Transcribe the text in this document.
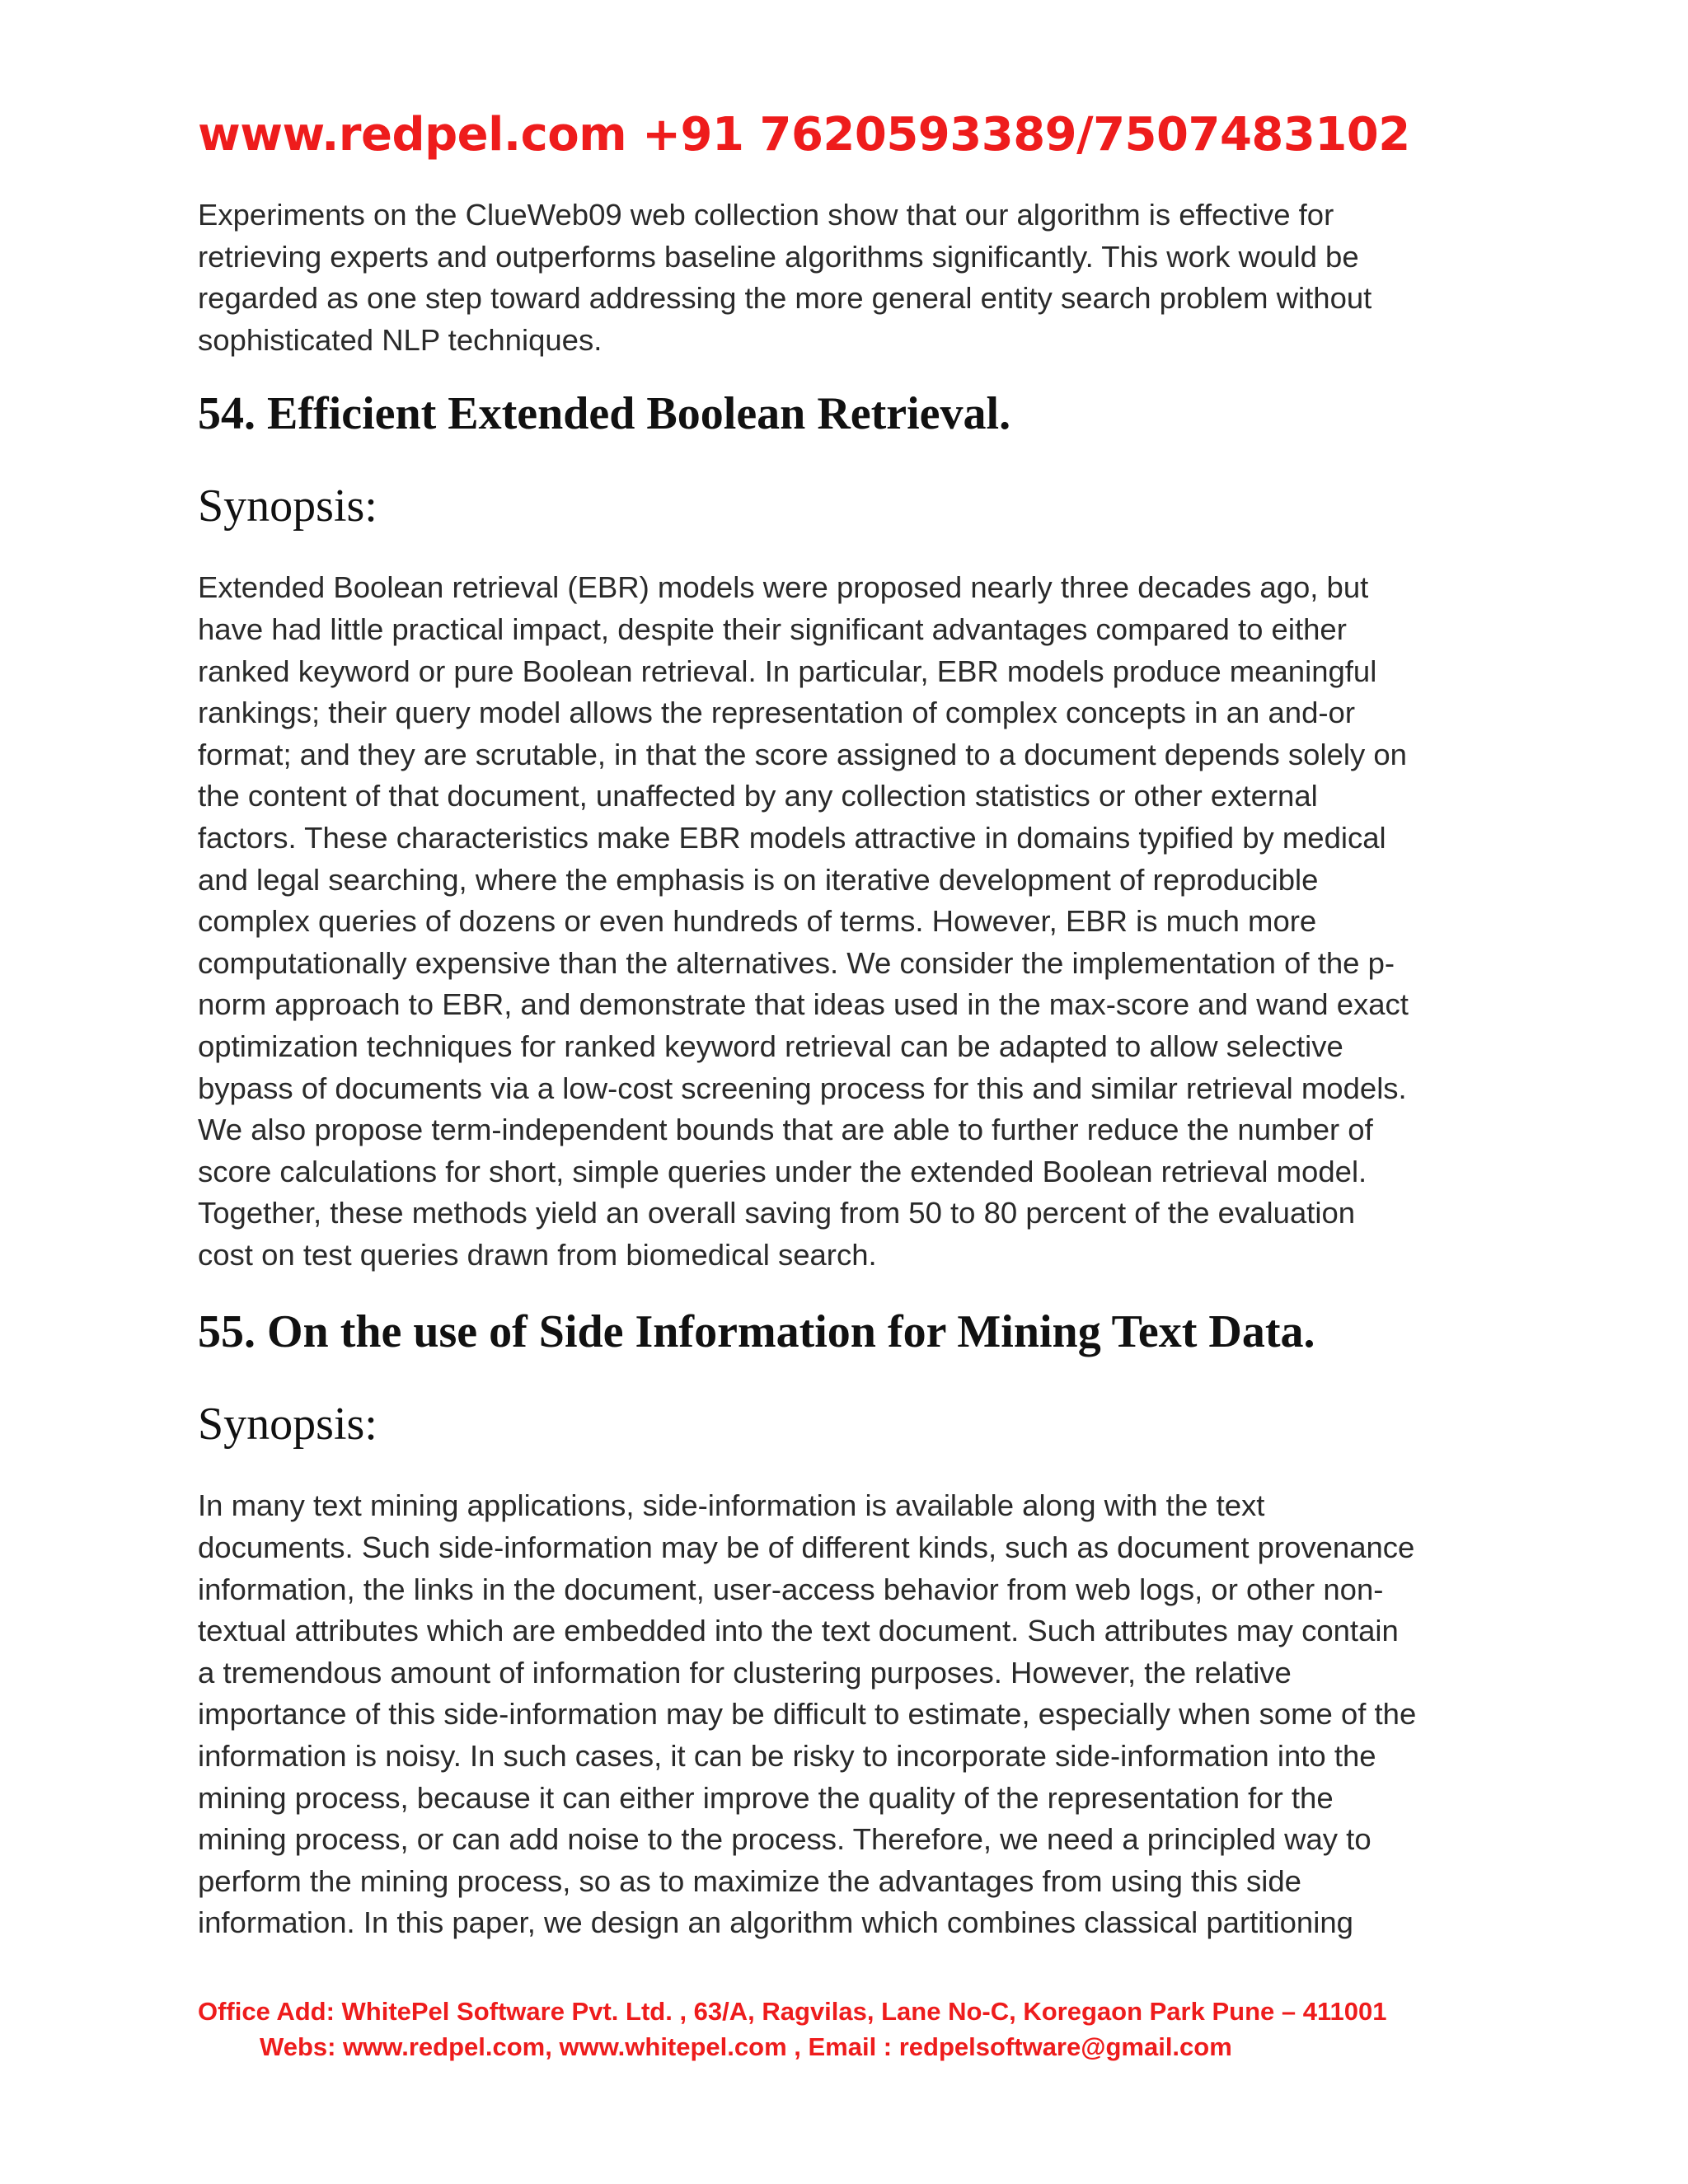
www.redpel.com +91 7620593389/7507483102
Experiments on the ClueWeb09 web collection show that our algorithm is effective for
retrieving experts and outperforms baseline algorithms significantly. This work would be
regarded as one step toward addressing the more general entity search problem without
sophisticated NLP techniques.
54. Efficient Extended Boolean Retrieval.
Synopsis:
Extended Boolean retrieval (EBR) models were proposed nearly three decades ago, but
have had little practical impact, despite their significant advantages compared to either
ranked keyword or pure Boolean retrieval. In particular, EBR models produce meaningful
rankings; their query model allows the representation of complex concepts in an and-or
format; and they are scrutable, in that the score assigned to a document depends solely on
the content of that document, unaffected by any collection statistics or other external
factors. These characteristics make EBR models attractive in domains typified by medical
and legal searching, where the emphasis is on iterative development of reproducible
complex queries of dozens or even hundreds of terms. However, EBR is much more
computationally expensive than the alternatives. We consider the implementation of the p-
norm approach to EBR, and demonstrate that ideas used in the max-score and wand exact
optimization techniques for ranked keyword retrieval can be adapted to allow selective
bypass of documents via a low-cost screening process for this and similar retrieval models.
We also propose term-independent bounds that are able to further reduce the number of
score calculations for short, simple queries under the extended Boolean retrieval model.
Together, these methods yield an overall saving from 50 to 80 percent of the evaluation
cost on test queries drawn from biomedical search.
55. On the use of Side Information for Mining Text Data.
Synopsis:
In many text mining applications, side-information is available along with the text
documents. Such side-information may be of different kinds, such as document provenance
information, the links in the document, user-access behavior from web logs, or other non-
textual attributes which are embedded into the text document. Such attributes may contain
a tremendous amount of information for clustering purposes. However, the relative
importance of this side-information may be difficult to estimate, especially when some of the
information is noisy. In such cases, it can be risky to incorporate side-information into the
mining process, because it can either improve the quality of the representation for the
mining process, or can add noise to the process. Therefore, we need a principled way to
perform the mining process, so as to maximize the advantages from using this side
information. In this paper, we design an algorithm which combines classical partitioning
Office Add: WhitePel Software Pvt. Ltd. , 63/A, Ragvilas, Lane No-C, Koregaon Park Pune – 411001
Webs: www.redpel.com, www.whitepel.com , Email : redpelsoftware@gmail.com
